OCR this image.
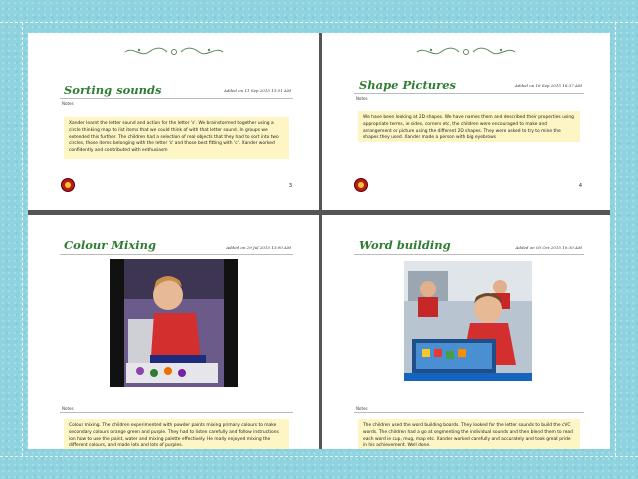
Sorting sounds	Added on 11 Sep 2015 15:51 AM
Notes
Xander learnt the letter sound and action for the letter 's'. We brainstormed together using a circle thinking map to list items that we could think of with that letter sound. In groups we extended this further. The children had a selection of real objects that they had to sort into two circles, those items belonging with the letter 's' and those best fitting with 'c'. Xander worked confidently and contributed with enthusiasm
3
Shape Pictures	Added on 16 Sep 2015 16:37 AM
Notes
We have been looking at 2D shapes. We have names them and described their properties using appropriate terms, ie sides, corners etc, the children were encouraged to make and arrangement or picture using the different 2D shapes. They were asked to try to mine the shapes they used. Xander made a person with big eyebrows
4
Colour Mixing	Added on 29 Jul 2015 13:00 AM
Notes
Colour mixing. The children experimented with powder paints mixing primary colours to make secondary colours orange green and purple. They had to listen carefully and follow instructions ion how to use the paint, water and mixing palette effectively. He really enjoyed mixing the different colours, and made lots and lots of purples.
Word building	Added on 05 Oct 2015 10:30 AM
Notes
The children used the word building boards. They looked for the letter sounds to build the cVC words. The children had a go at segmenting the individual sounds and then blend them to read each word ie cup, mug, map etc. Xander worked carefully and accurately and took great pride in his achievement. Well done.
